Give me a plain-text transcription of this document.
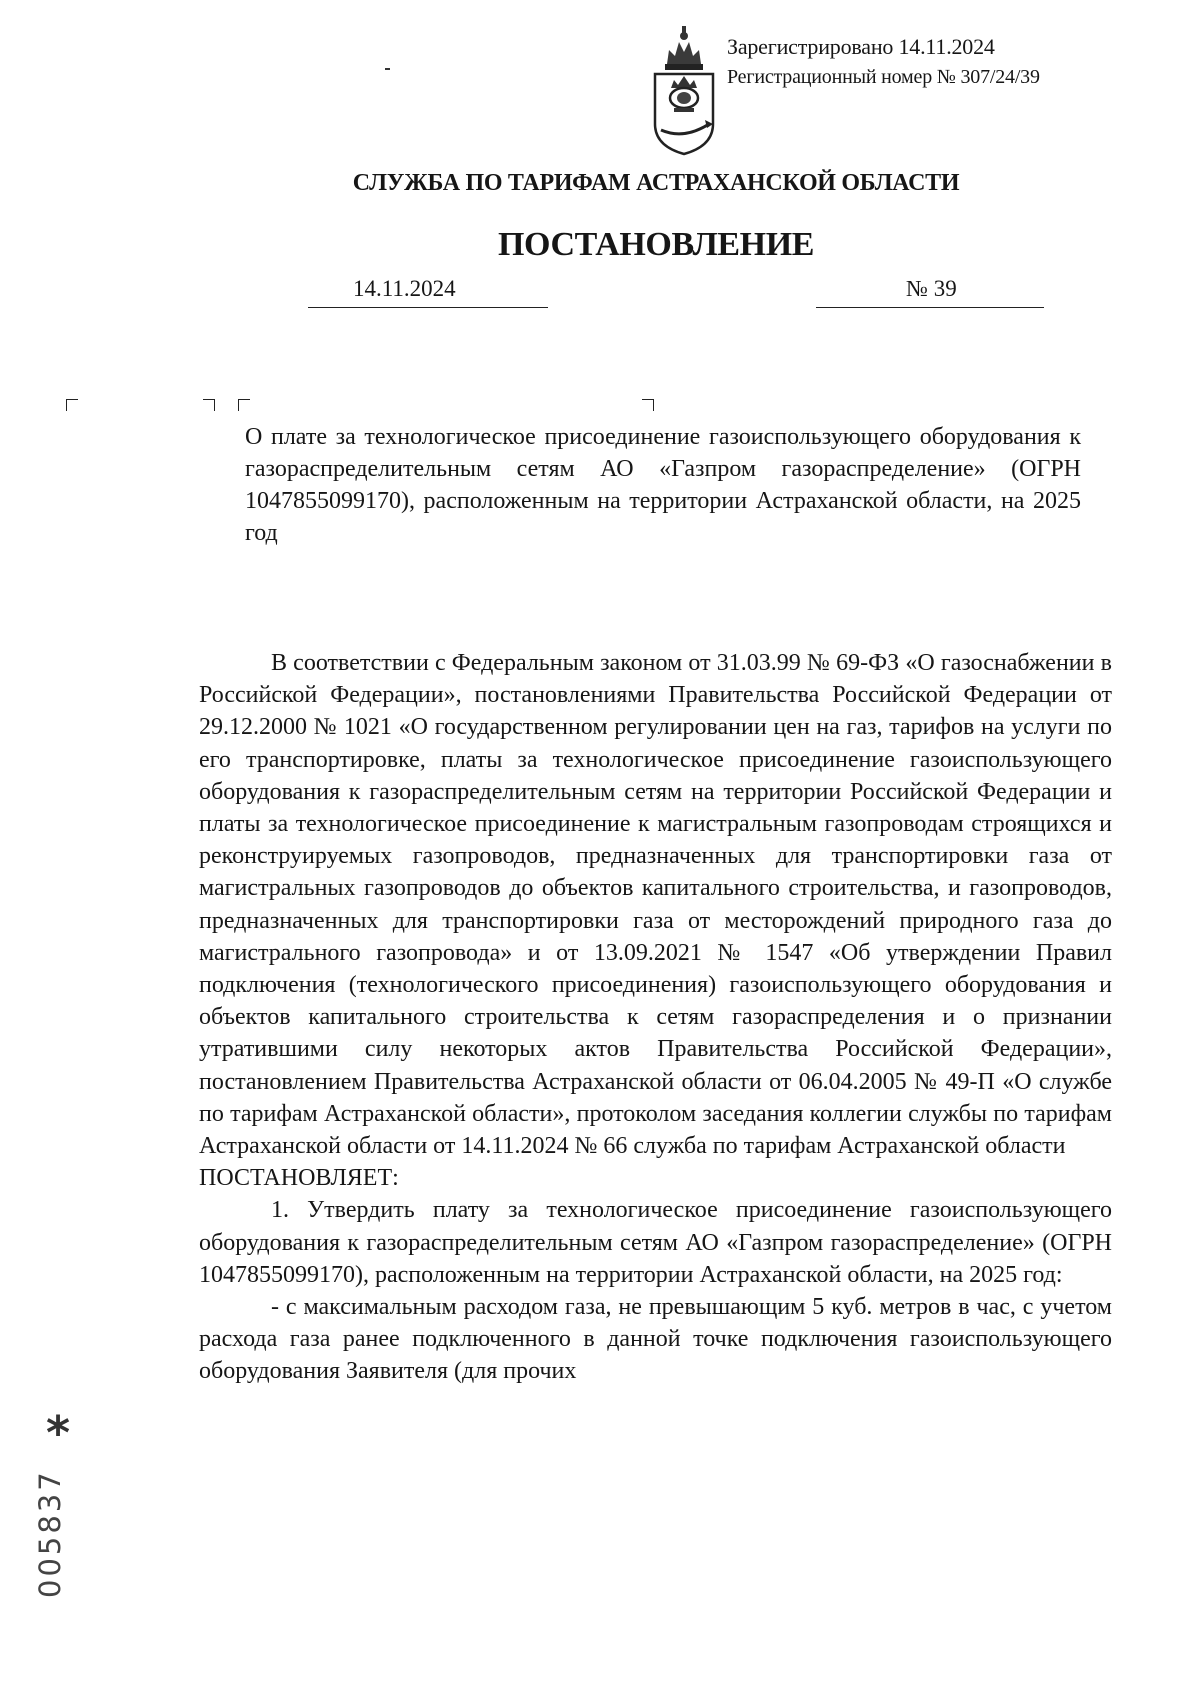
Зарегистрировано 14.11.2024
Регистрационный номер № 307/24/39
СЛУЖБА ПО ТАРИФАМ АСТРАХАНСКОЙ ОБЛАСТИ
ПОСТАНОВЛЕНИЕ
14.11.2024	№ 39
О плате за технологическое присоединение газоиспользующего оборудования к газораспределительным сетям АО «Газпром газораспределение» (ОГРН 1047855099170), расположенным на территории Астраханской области, на 2025 год

В соответствии с Федеральным законом от 31.03.99 № 69-ФЗ «О газоснабжении в Российской Федерации», постановлениями Правительства Российской Федерации от 29.12.2000 № 1021 «О государственном регулировании цен на газ, тарифов на услуги по его транспортировке, платы за технологическое присоединение газоиспользующего оборудования к газораспределительным сетям на территории Российской Федерации и платы за технологическое присоединение к магистральным газопроводам строящихся и реконструируемых газопроводов, предназначенных для транспортировки газа от магистральных газопроводов до объектов капитального строительства, и газопроводов, предназначенных для транспортировки газа от месторождений природного газа до магистрального газопровода» и от 13.09.2021 № 1547 «Об утверждении Правил подключения (технологического присоединения) газоиспользующего оборудования и объектов капитального строительства к сетям газораспределения и о признании утратившими силу некоторых актов Правительства Российской Федерации», постановлением Правительства Астраханской области от 06.04.2005 № 49-П «О службе по тарифам Астраханской области», протоколом заседания коллегии службы по тарифам Астраханской области от 14.11.2024 № 66 служба по тарифам Астраханской области

ПОСТАНОВЛЯЕТ:

1. Утвердить плату за технологическое присоединение газоиспользующего оборудования к газораспределительным сетям АО «Газпром газораспределение» (ОГРН 1047855099170), расположенным на территории Астраханской области, на 2025 год:

- с максимальным расходом газа, не превышающим 5 куб. метров в час, с учетом расхода газа ранее подключенного в данной точке подключения газоиспользующего оборудования Заявителя (для прочих

*
005837
